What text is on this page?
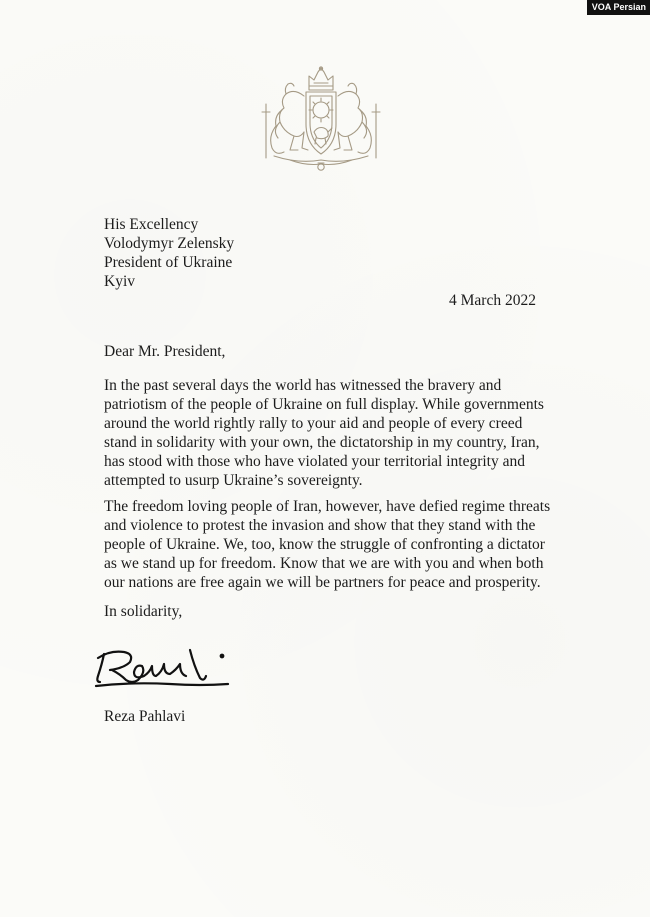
VOA Persian
His Excellency
Volodymyr Zelensky
President of Ukraine
Kyiv
4 March 2022
Dear Mr. President,
In the past several days the world has witnessed the bravery and
patriotism of the people of Ukraine on full display. While governments
around the world rightly rally to your aid and people of every creed
stand in solidarity with your own, the dictatorship in my country, Iran,
has stood with those who have violated your territorial integrity and
attempted to usurp Ukraine’s sovereignty.
The freedom loving people of Iran, however, have defied regime threats
and violence to protest the invasion and show that they stand with the
people of Ukraine. We, too, know the struggle of confronting a dictator
as we stand up for freedom. Know that we are with you and when both
our nations are free again we will be partners for peace and prosperity.
In solidarity,
Reza Pahlavi
